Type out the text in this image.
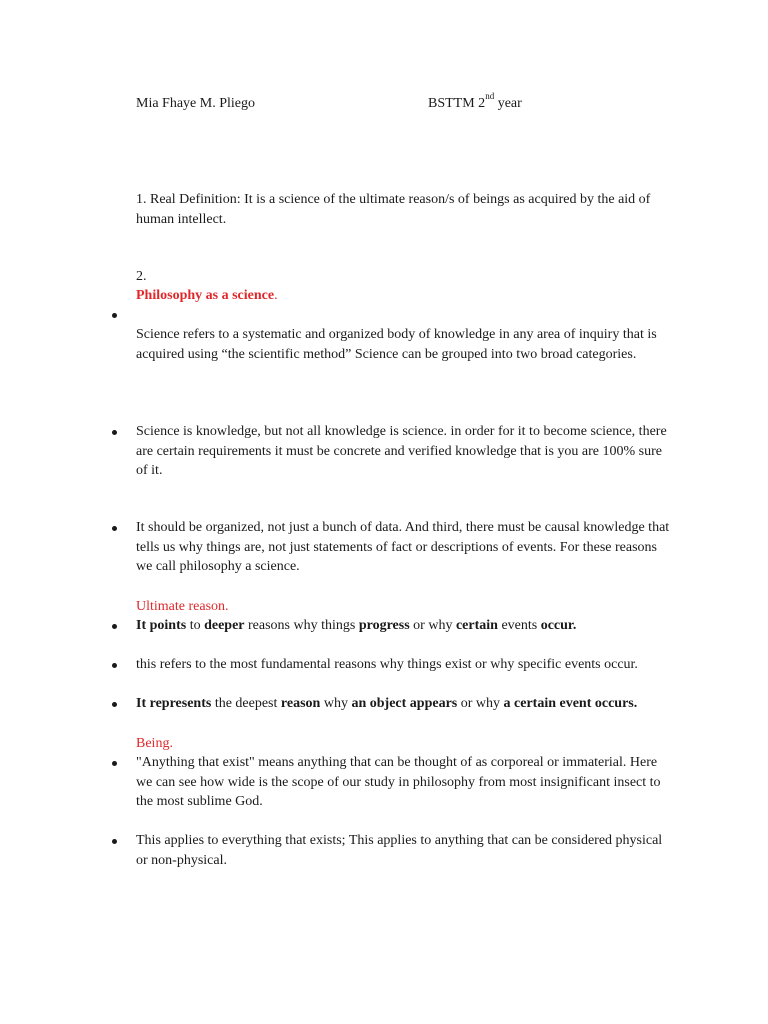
Mia Fhaye M. Pliego	BSTTM 2nd year
1. Real Definition: It is a science of the ultimate reason/s of beings as acquired by the aid of human intellect.
2.
Philosophy as a science.
Science refers to a systematic and organized body of knowledge in any area of inquiry that is acquired using “the scientific method” Science can be grouped into two broad categories.
Science is knowledge, but not all knowledge is science. in order for it to become science, there are certain requirements it must be concrete and verified knowledge that is you are 100% sure of it.
It should be organized, not just a bunch of data. And third, there must be causal knowledge that tells us why things are, not just statements of fact or descriptions of events. For these reasons we call philosophy a science.
Ultimate reason.
It points to deeper reasons why things progress or why certain events occur.
this refers to the most fundamental reasons why things exist or why specific events occur.
It represents the deepest reason why an object appears or why a certain event occurs.
Being.
"Anything that exist" means anything that can be thought of as corporeal or immaterial. Here we can see how wide is the scope of our study in philosophy from most insignificant insect to the most sublime God.
This applies to everything that exists; This applies to anything that can be considered physical or non-physical.
